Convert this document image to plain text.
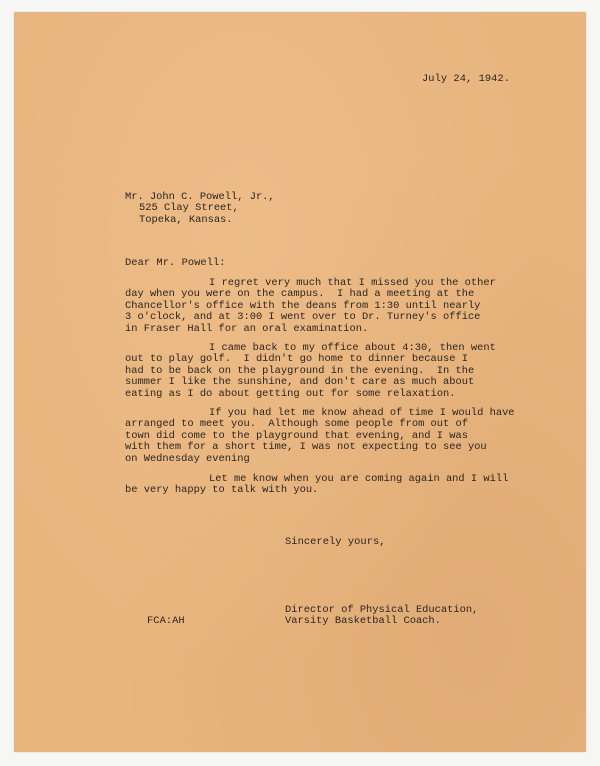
July 24, 1942.
Mr. John C. Powell, Jr.,
525 Clay Street,
Topeka, Kansas.
Dear Mr. Powell:
I regret very much that I missed you the other
day when you were on the campus.  I had a meeting at the
Chancellor's office with the deans from 1:30 until nearly
3 o'clock, and at 3:00 I went over to Dr. Turney's office
in Fraser Hall for an oral examination.
I came back to my office about 4:30, then went
out to play golf.  I didn't go home to dinner because I
had to be back on the playground in the evening.  In the
summer I like the sunshine, and don't care as much about
eating as I do about getting out for some relaxation.
If you had let me know ahead of time I would have
arranged to meet you.  Although some people from out of
town did come to the playground that evening, and I was
with them for a short time, I was not expecting to see you
on Wednesday evening
Let me know when you are coming again and I will
be very happy to talk with you.
Sincerely yours,
Director of Physical Education,
Varsity Basketball Coach.
FCA:AH
